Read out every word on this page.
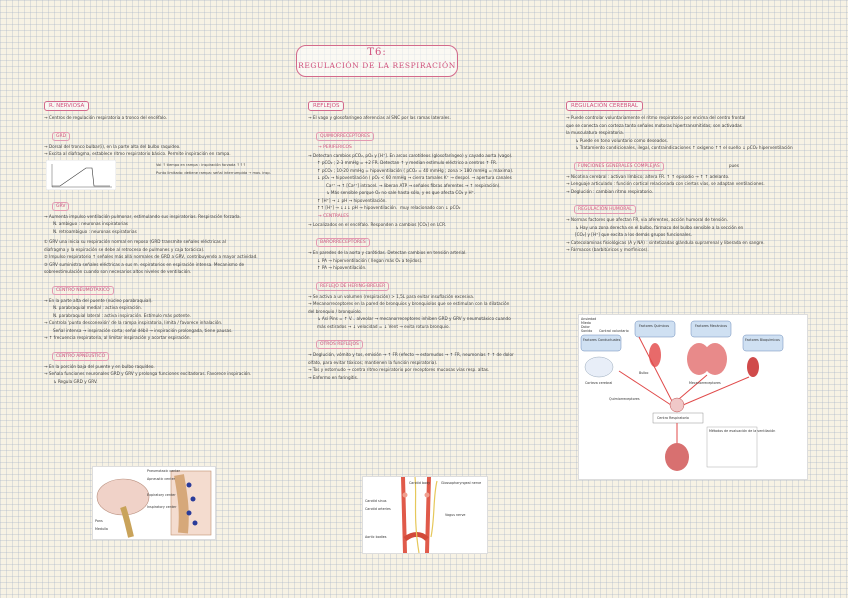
T6:
REGULACIÓN DE LA RESPIRACIÓN
R. NERVIOSA

→ Centros de regulación respiratoria a tronco del encéfalo.

GRD

→ Dorsal del tronco bulbar(i), en la parte alta del bulbo raquídeo.

→ Excita al diafragma, establece ritmo respiratorio básico. Permite inspiración en rampa.

Vol ↑ tiempo en rampa : inspiración forzada ↑↑↑
Punto limitado: detiene rampa: señal interrumpida → mov. insp.
GRV

→ Aumenta impulso ventilación pulmonar, estimulando sus inspiratorias. Respiración forzada.

N. ambiguo : neuronas inspiratorias

N. retroambiguo : neuronas espiratorias

① GRV una inicia su respiración normal en reposo (GRD transmite señales eléctricas al

diafragma y la espiración se debe al retroceso de pulmones y caja torácica).

② Impulso respiratorio ↑ señales más allá normales de GRD a GRV, contribuyendo a mayor actividad.

③ GRV suministra señales eléctricas a sus m. espiratorios en espiración intensa. Mecanismo de

sobreestimulación cuando son necesarios altos niveles de ventilación.

CENTRO NEUMOTAXICO

→ En la parte alta del puente (núcleo parabraquial).

N. parabraquial medial : activa espiración.

N. parabraquial lateral : activa inspiración. Estímulo más potente.

→ Controla 'punto desconexión' de la rampa inspiratoria, limita / favorece inhalación.

Señal intensa → inspiración corta; señal débil → inspiración prolongada, tiene pausas.

→ ↑ frecuencia respiratoria, al limitar inspiración y acortar espiración.

CENTRO APNEUSTICO

→ En la porción baja del puente y en bulbo raquídeo.

→ Señala funciones neuronales GRD y GRV y prolonga funciones excitadoras. Favorece inspiración.

↳ Regula GRD y GRV.

Pneumotaxic center
Apneustic center
Expiratory center
Inspiratory center
Pons
Medulla
REFLEJOS

→ El vago y glosofaríngeo aferencias al SNC por las ramas laterales.

QUIMIORRECEPTORES
→ PERIFERICOS

→ Detectan cambios pCO₂, pO₂ y [H⁺]. En arcos carotídeos (glosofaríngeo) y cayado aorta (vago).

↑ pCO₂ ; 2-3 mmHg = +2 FR. Detectan ↑ y median estímulo eléctrico a centros ↑ FR.

↑ pCO₂ ; 10-20 mmHg = hipoventilación ( pCO₂ = 40 mmHg ; zona > 180 mmHg = máxima).

↓ pO₂ → hipoventilación ( pO₂ < 60 mmHg → cierra tamales K⁺ → despol. → apertura canales

Ca²⁺ → ↑ [Ca²⁺] intracel. → liberan ATP → señales fibras aferentes → ↑ respiración).

↳ Más sensible porque O₂ no sale hasta sólo, y es que afecta CO₂ y H⁺.

↑ [H⁺] → ↓ pH → hipoventilación.

↑↑ [H⁺] → ↓↓↓ pH → hipoventilación. muy relacionado con ↓ pCO₂

→ CENTRALES

→ Localizados en el encéfalo. Responden a cambios [CO₂] en LCR.

BARORRECEPTORES

→ En paredes de la aorta y carótidas. Detectan cambios en tensión arterial.

↓ PA → hiperventilación ( llegan más O₂ a tejidos).

↑ PA → hipoventilación.

REFLEJO DE HERING-BREUER

→ Se activa a un volumen (respiración) > 1,5L para evitar insuflación excesiva.

→ Mecanorreceptores en la pared de bronquios y bronquiolos que se estimulan con la dilatación

del bronquio / bronquiolo.

↳ Así Pins = ↑ V... alveolar → mecanorreceptores inhiben GRD y GRV y neumotáxico cuando

más estirados → ↓ velocidad = ↓ Vent → evita rotura bronquio.

OTROS REFLEJOS

→ Deglución, vómito y tos, emisión → ↑ FR (efecto → estornudos → ↑ FR, neumonías ↑ ↑ de dolor

olfato, para evitar tóxicos; mantienen la función respiratoria).

→ Tos y estornudo → contra ritmo respiratorio por receptores mucosas vías resp. altas.

→ Enfermo en faringitis.

Carotid sinus
Carotid body	Glossopharyngeal nerve
Vagus nerve
Aortic bodies
Carotid arteries
REGULACIÓN CEREBRAL

→ Puede controlar voluntariamente el ritmo respiratorio por encima del centro frontal

que se conecta con corteza tanto señales motoras hipertransmitidas; son activadas

la musculatura respiratoria.

↳ Puede en tono voluntario como deseados.

↳ Tratamiento condicionales, ilegal, contraindicaciones ↑ oxígeno ↑↑ el sueño ↓ pCO₂ hiperventilación

FUNCIONES GENERALES COMPLEJAS	pues

→ Nicotina cerebral : activan límbico; altera FR. ↑ ↑ episodio → ↑ ↑ adelanto.

→ Lenguaje articulado : función cortical relacionada con ciertas vías, se adaptan ventilaciones.

→ Deglución : cambian ritmo respiratorio.

REGULACIÓN HUMORAL

→ Normas factores que afectan FR, via aferentes, acción humoral de tensión.

↳ Hay una zona derecha en el bulbo, fármaco del bulbo sensible a la sección en

[CO₂] y [H⁺] que excita a los demás grupos funcionales.

→ Catecolaminas fisiológicas (A y NA) : sintetizadas glándula suprarrenal y liberada en sangre.

→ Fármacos (barbitúricos y morfínicos).

Factores Químicos	Factores Mecánicos
Factores Conductuales	Factores Bioquímicos
Centro Respiratorio
Ansiedad
Miedo
Dolor
Sonido Control voluntario
Métodos de evaluación de la ventilación
Corteza cerebral
Bulbo
Quimiorreceptores
Mecanorreceptores
